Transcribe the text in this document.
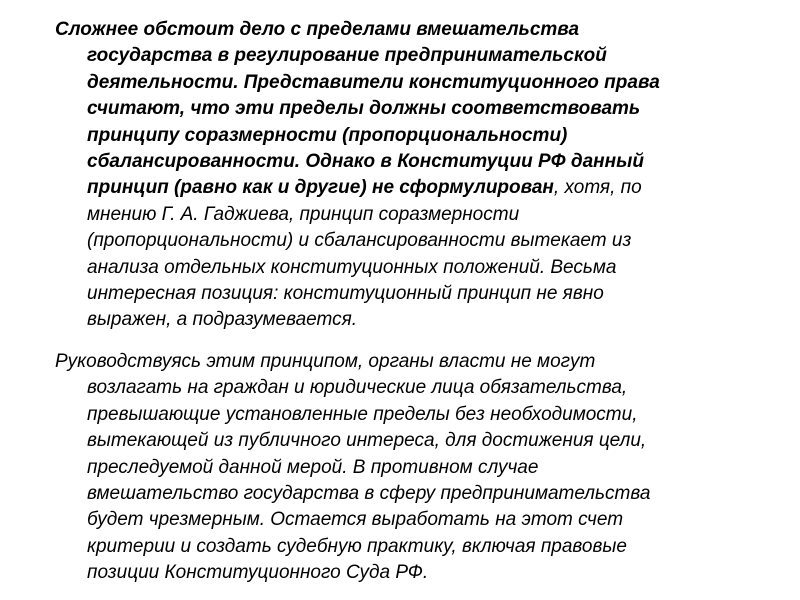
Сложнее обстоит дело с пределами вмешательства
государства в регулирование предпринимательской
деятельности. Представители конституционного права
считают, что эти пределы должны соответствовать
принципу соразмерности (пропорциональности)
сбалансированности. Однако в Конституции РФ данный
принцип (равно как и другие) не сформулирован, хотя, по
мнению Г. А. Гаджиева, принцип соразмерности
(пропорциональности) и сбалансированности вытекает из
анализа отдельных конституционных положений. Весьма
интересная позиция: конституционный принцип не явно
выражен, а подразумевается.

Руководствуясь этим принципом, органы власти не могут
возлагать на граждан и юридические лица обязательства,
превышающие установленные пределы без необходимости,
вытекающей из публичного интереса, для достижения цели,
преследуемой данной мерой. В противном случае
вмешательство государства в сферу предпринимательства
будет чрезмерным. Остается выработать на этот счет
критерии и создать судебную практику, включая правовые
позиции Конституционного Суда РФ.
